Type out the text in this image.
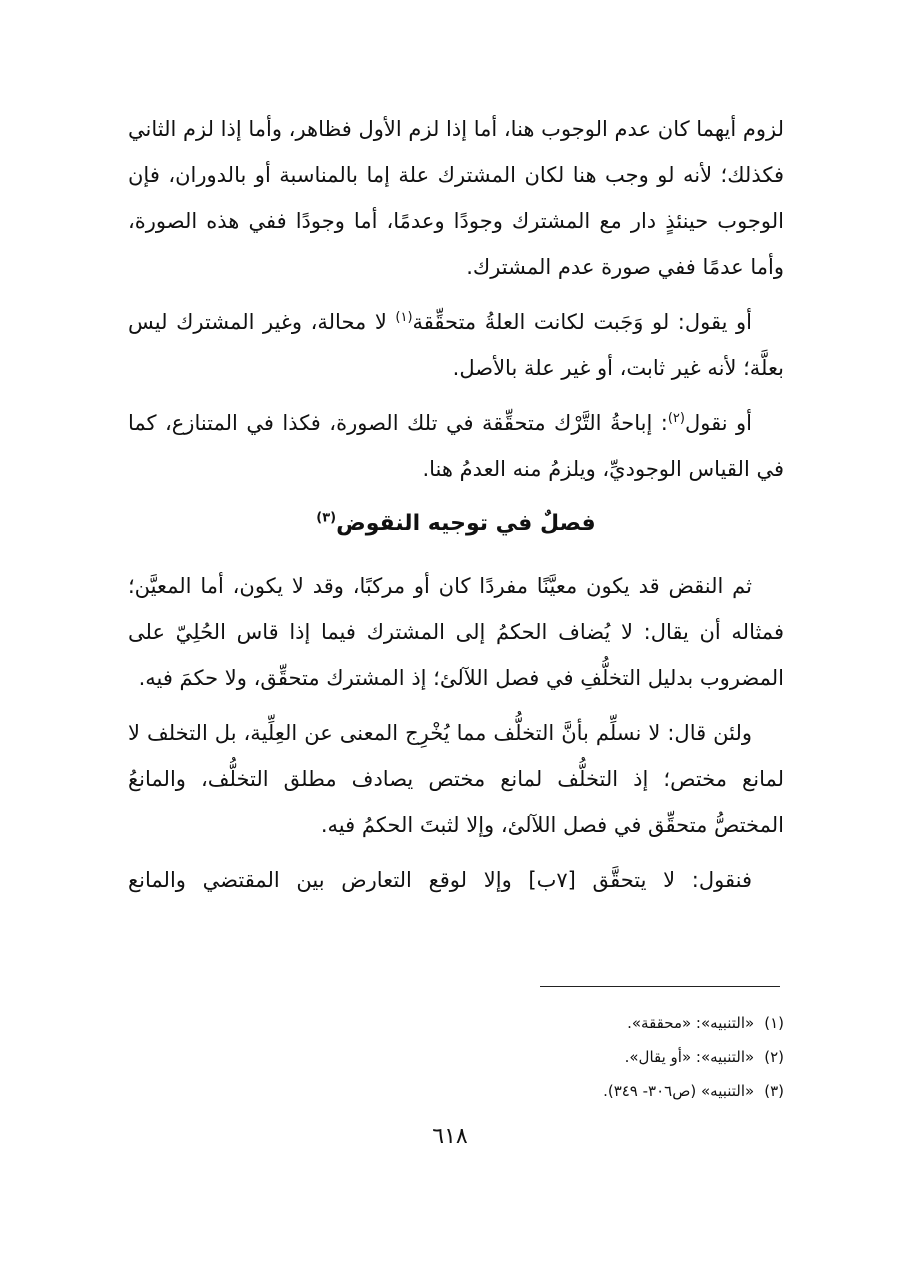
لزوم أيهما كان عدم الوجوب هنا، أما إذا لزم الأول فظاهر، وأما إذا لزم الثاني فكذلك؛ لأنه لو وجب هنا لكان المشترك علة إما بالمناسبة أو بالدوران، فإن الوجوب حينئذٍ دار مع المشترك وجودًا وعدمًا، أما وجودًا ففي هذه الصورة، وأما عدمًا ففي صورة عدم المشترك.

أو يقول: لو وَجَبت لكانت العلةُ متحقِّقة$^{(١)}$ لا محالة، وغير المشترك ليس بعلَّة؛ لأنه غير ثابت، أو غير علة بالأصل.

أو نقول$^{(٢)}$: إباحةُ التَّرْك متحقِّقة في تلك الصورة، فكذا في المتنازع، كما في القياس الوجوديِّ، ويلزمُ منه العدمُ هنا.

فصلٌ في توجيه النقوض$^{(٣)}$

ثم النقض قد يكون معيَّنًا مفردًا كان أو مركبًا، وقد لا يكون، أما المعيَّن؛ فمثاله أن يقال: لا يُضاف الحكمُ إلى المشترك فيما إذا قاس الحُلِيّ على المضروب بدليل التخلُّفِ في فصل اللآلئ؛ إذ المشترك متحقِّق، ولا حكمَ فيه.

ولئن قال: لا نسلِّم بأنَّ التخلُّف مما يُخْرِج المعنى عن العِلِّية، بل التخلف لا لمانع مختص؛ إذ التخلُّف لمانع مختص يصادف مطلق التخلُّف، والمانعُ المختصُّ متحقِّق في فصل اللآلئ، وإلا لثبتَ الحكمُ فيه.

فنقول: لا يتحقَّق [٧ب] وإلا لوقع التعارض بين المقتضي والمانع

(١)«التنبيه»: «محققة».

(٢)«التنبيه»: «أو يقال».

(٣)«التنبيه» (ص٣٠٦- ٣٤٩).

٦١٨
